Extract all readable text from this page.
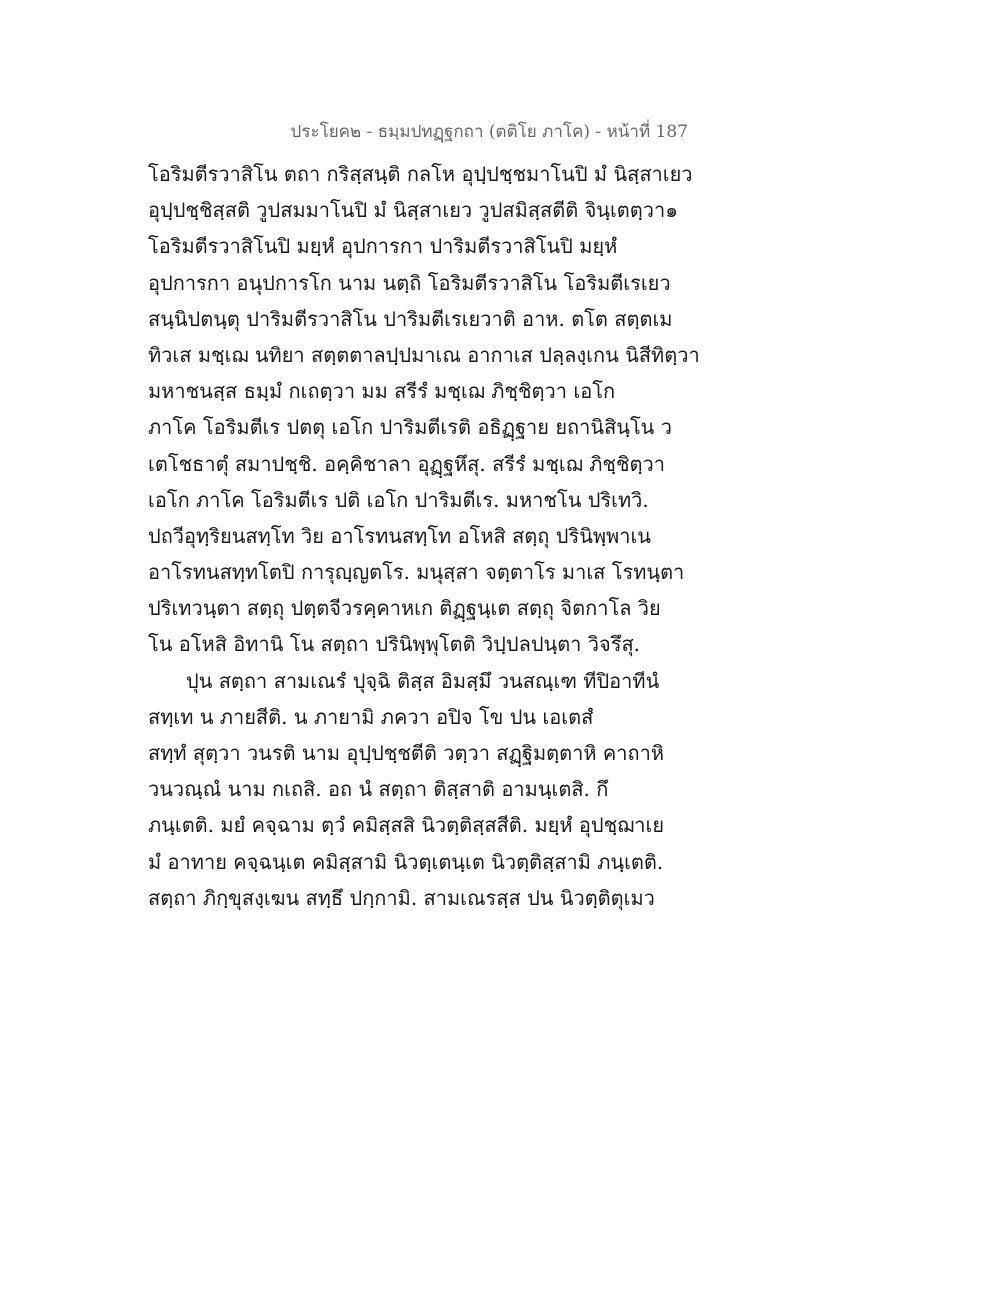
ประโยค๒ - ธมฺมปทฏฺฐกถา (ตติโย ภาโค) - หน้าที่ 187
โอริมตีรวาสิโน ตถา กริสฺสนฺติ กลโห อุปฺปชฺชมาโนปิ มํ นิสฺสาเยว
อุปฺปชฺชิสฺสติ วูปสมมาโนปิ มํ นิสฺสาเยว วูปสมิสฺสตีติ จินฺเตตฺวา๑
โอริมตีรวาสิโนปิ มยฺหํ อุปการกา ปาริมตีรวาสิโนปิ มยฺหํ
อุปการกา อนุปการโก นาม นตฺถิ โอริมตีรวาสิโน โอริมตีเรเยว
สนฺนิปตนฺตุ ปาริมตีรวาสิโน ปาริมตีเรเยวาติ อาห. ตโต สตฺตเม
ทิวเส มชฺเฌ นทิยา สตฺตตาลปฺปมาเณ อากาเส ปลฺลงฺเกน นิสีทิตฺวา
มหาชนสฺส ธมฺมํ กเถตฺวา มม สรีรํ มชฺเฌ ภิชฺชิตฺวา เอโก
ภาโค โอริมตีเร ปตตุ เอโก ปาริมตีเรติ อธิฏฺฐาย ยถานิสินฺโน ว
เตโชธาตุํ สมาปชฺชิ. อคฺคิชาลา อุฏฺฐหึสุ. สรีรํ มชฺเฌ ภิชฺชิตฺวา
เอโก ภาโค โอริมตีเร ปติ เอโก ปาริมตีเร. มหาชโน ปริเทวิ.
ปถวีอุทฺริยนสทฺโท วิย อาโรทนสทฺโท อโหสิ สตฺถุ ปรินิพฺพาเน
อาโรทนสทฺทโตปิ การุญฺญตโร. มนุสฺสา จตฺตาโร มาเส โรทนฺตา
ปริเทวนฺตา สตฺถุ ปตฺตจีวรคฺคาหเก ติฏฺฐนฺเต สตฺถุ จิตกาโล วิย
โน อโหสิ อิทานิ โน สตฺถา ปรินิพฺพุโตติ วิปฺปลปนฺตา วิจรึสุ.
ปุน สตฺถา สามเณรํ ปุจฺฉิ ติสฺส อิมสฺมึ วนสณฺเฑ ทีปิอาทีนํ
สทฺเท น ภายสีติ. น ภายามิ ภควา อปิจ โข ปน เอเตสํ
สทฺทํ สุตฺวา วนรติ นาม อุปฺปชฺชตีติ วตฺวา สฏฺฐิมตฺตาหิ คาถาหิ
วนวณฺณํ นาม กเถสิ. อถ นํ สตฺถา ติสฺสาติ อามนฺเตสิ. กึ
ภนฺเตติ. มยํ คจฺฉาม ตฺวํ คมิสฺสสิ นิวตฺติสฺสสีติ. มยฺหํ อุปชฺฌาเย
มํ อาทาย คจฺฉนฺเต คมิสฺสามิ นิวตฺเตนฺเต นิวตฺติสฺสามิ ภนฺเตติ.
สตฺถา ภิกฺขุสงฺเฆน สทฺธึ ปกฺกามิ. สามเณรสฺส ปน นิวตฺติตุเมว
